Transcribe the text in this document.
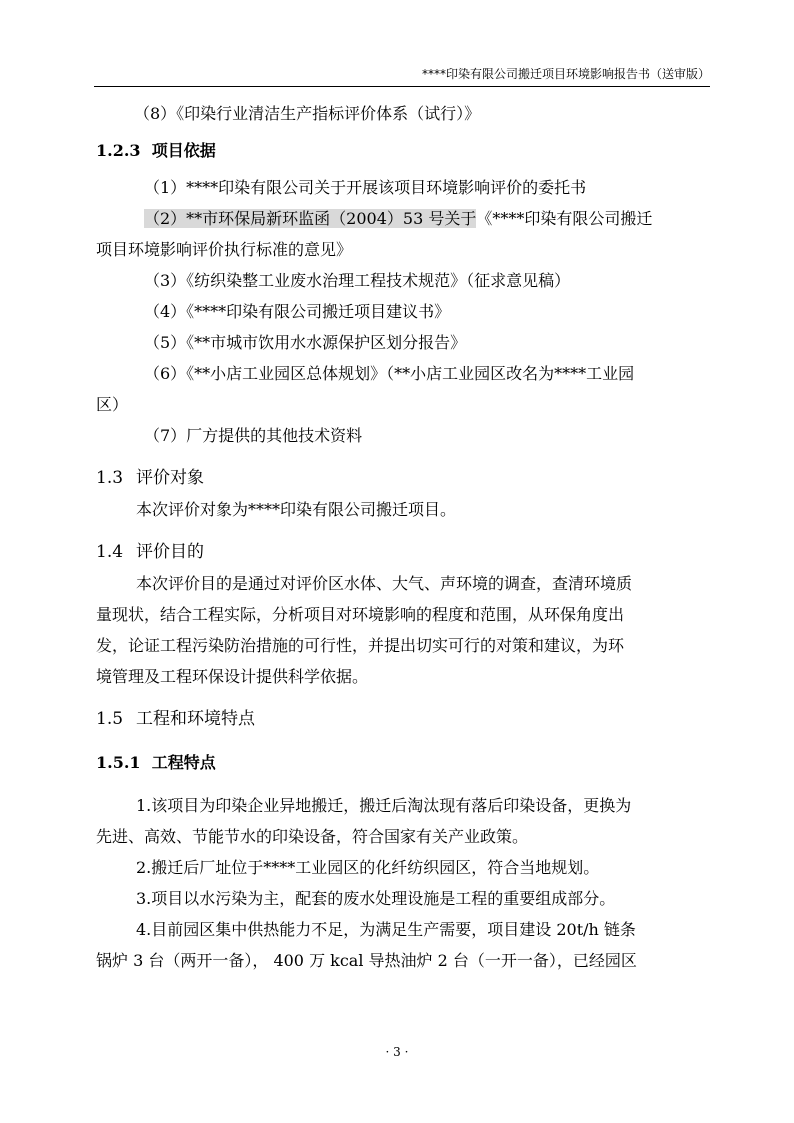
****印染有限公司搬迁项目环境影响报告书（送审版）

（8）《印染行业清洁生产指标评价体系（试行）》

1.2.3 项目依据

（1）****印染有限公司关于开展该项目环境影响评价的委托书

（2）**市环保局新环监函（2004）53 号关于《****印染有限公司搬迁

项目环境影响评价执行标准的意见》

（3）《纺织染整工业废水治理工程技术规范》（征求意见稿）

（4）《****印染有限公司搬迁项目建议书》

（5）《**市城市饮用水水源保护区划分报告》

（6）《**小店工业园区总体规划》（**小店工业园区改名为****工业园

区）

（7）厂方提供的其他技术资料

1.3 评价对象

本次评价对象为****印染有限公司搬迁项目。

1.4 评价目的

本次评价目的是通过对评价区水体、大气、声环境的调查，查清环境质

量现状，结合工程实际，分析项目对环境影响的程度和范围，从环保角度出

发，论证工程污染防治措施的可行性，并提出切实可行的对策和建议，为环

境管理及工程环保设计提供科学依据。

1.5 工程和环境特点

1.5.1 工程特点

1.该项目为印染企业异地搬迁，搬迁后淘汰现有落后印染设备，更换为

先进、高效、节能节水的印染设备，符合国家有关产业政策。

2.搬迁后厂址位于****工业园区的化纤纺织园区，符合当地规划。

3.项目以水污染为主，配套的废水处理设施是工程的重要组成部分。

4.目前园区集中供热能力不足，为满足生产需要，项目建设 20t/h 链条

锅炉 3 台（两开一备）， 400 万 kcal 导热油炉 2 台（一开一备），已经园区

· 3 ·
